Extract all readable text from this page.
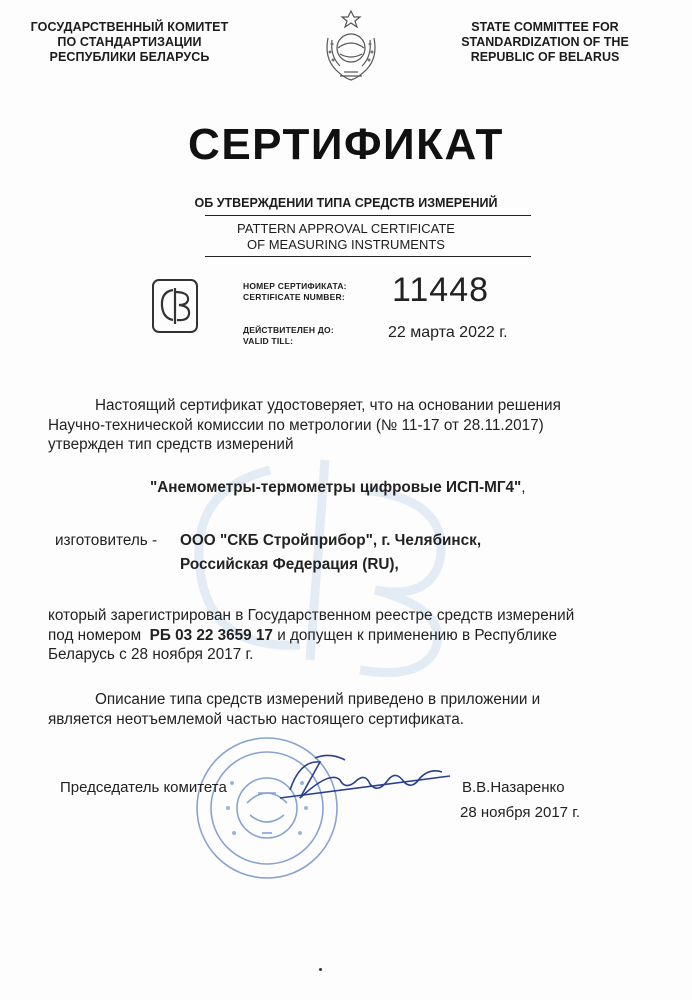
ГОСУДАРСТВЕННЫЙ КОМИТЕТ
ПО СТАНДАРТИЗАЦИИ
РЕСПУБЛИКИ БЕЛАРУСЬ
STATE COMMITTEE FOR
STANDARDIZATION OF THE
REPUBLIC OF BELARUS
СЕРТИФИКАТ
ОБ УТВЕРЖДЕНИИ ТИПА СРЕДСТВ ИЗМЕРЕНИЙ
PATTERN APPROVAL CERTIFICATE
OF MEASURING INSTRUMENTS
НОМЕР СЕРТИФИКАТА:
CERTIFICATE NUMBER: 11448
ДЕЙСТВИТЕЛЕН ДО:
VALID TILL:	22 марта 2022 г.
Настоящий сертификат удостоверяет, что на основании решения
Научно-технической комиссии по метрологии (№ 11-17 от 28.11.2017)
утвержден тип средств измерений
"Анемометры-термометры цифровые ИСП-МГ4",
изготовитель - ООО "СКБ Стройприбор", г. Челябинск,
Российская Федерация (RU),
который зарегистрирован в Государственном реестре средств измерений
под номером РБ 03 22 3659 17 и допущен к применению в Республике
Беларусь с 28 ноября 2017 г.
Описание типа средств измерений приведено в приложении и
является неотъемлемой частью настоящего сертификата.
Председатель комитета	В.В.Назаренко
28 ноября 2017 г.
